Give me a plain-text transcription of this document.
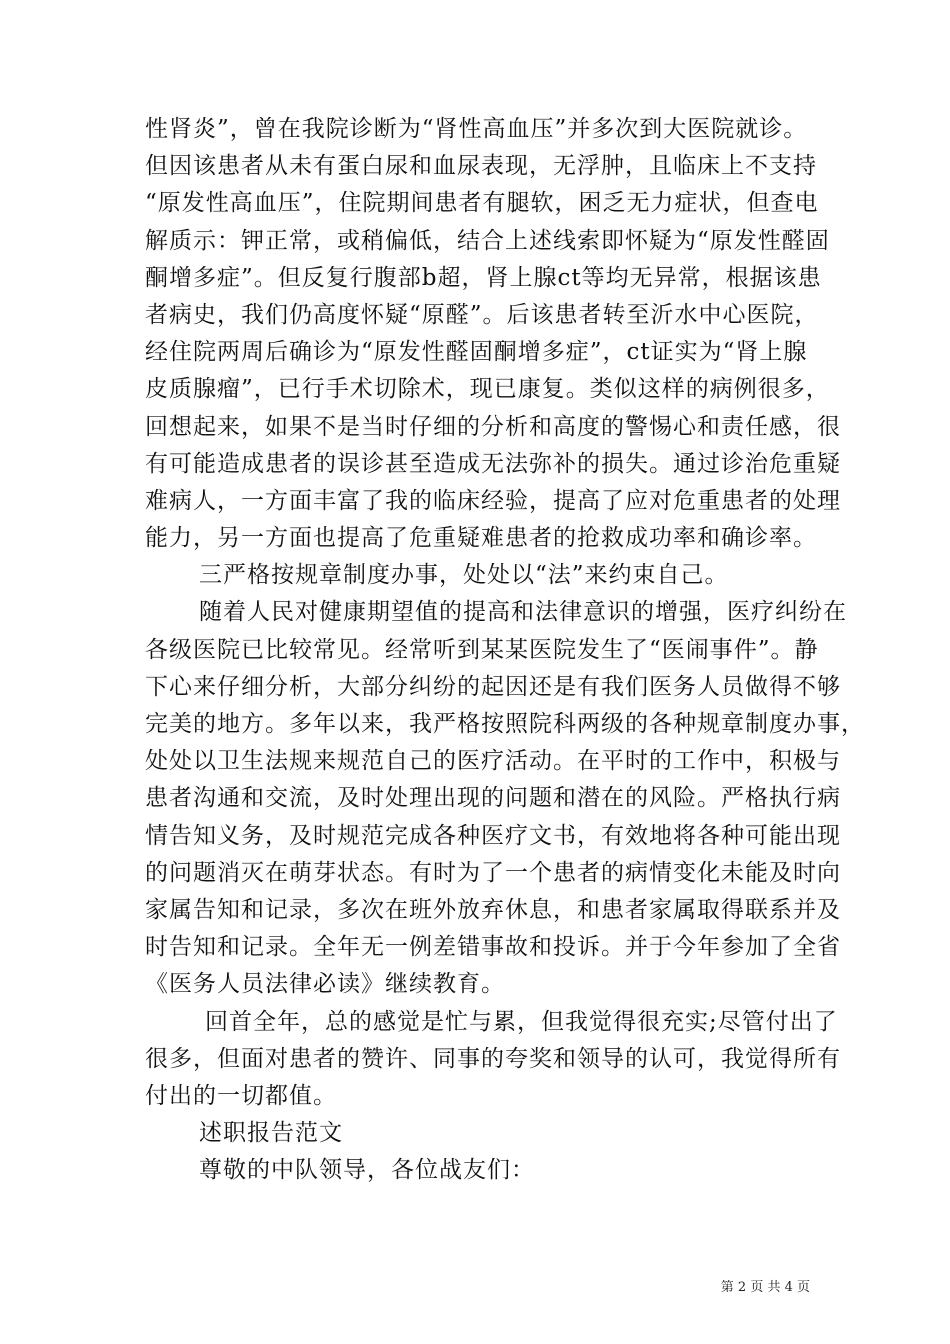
性肾炎”，曾在我院诊断为“肾性高血压”并多次到大医院就诊。
但因该患者从未有蛋白尿和血尿表现，无浮肿，且临床上不支持
“原发性高血压”，住院期间患者有腿软，困乏无力症状，但查电
解质示：钾正常，或稍偏低，结合上述线索即怀疑为“原发性醛固
酮增多症”。但反复行腹部b超，肾上腺ct等均无异常，根据该患
者病史，我们仍高度怀疑“原醛”。后该患者转至沂水中心医院，
经住院两周后确诊为“原发性醛固酮增多症”，ct证实为“肾上腺
皮质腺瘤”，已行手术切除术，现已康复。类似这样的病例很多，
回想起来，如果不是当时仔细的分析和高度的警惕心和责任感，很
有可能造成患者的误诊甚至造成无法弥补的损失。通过诊治危重疑
难病人，一方面丰富了我的临床经验，提高了应对危重患者的处理
能力，另一方面也提高了危重疑难患者的抢救成功率和确诊率。
三严格按规章制度办事，处处以“法”来约束自己。
随着人民对健康期望值的提高和法律意识的增强，医疗纠纷在
各级医院已比较常见。经常听到某某医院发生了“医闹事件”。静
下心来仔细分析，大部分纠纷的起因还是有我们医务人员做得不够
完美的地方。多年以来，我严格按照院科两级的各种规章制度办事，
处处以卫生法规来规范自己的医疗活动。在平时的工作中，积极与
患者沟通和交流，及时处理出现的问题和潜在的风险。严格执行病
情告知义务，及时规范完成各种医疗文书，有效地将各种可能出现
的问题消灭在萌芽状态。有时为了一个患者的病情变化未能及时向
家属告知和记录，多次在班外放弃休息，和患者家属取得联系并及
时告知和记录。全年无一例差错事故和投诉。并于今年参加了全省
《医务人员法律必读》继续教育。
回首全年，总的感觉是忙与累，但我觉得很充实;尽管付出了
很多，但面对患者的赞许、同事的夸奖和领导的认可，我觉得所有
付出的一切都值。
述职报告范文
尊敬的中队领导，各位战友们：
第 2 页 共 4 页
